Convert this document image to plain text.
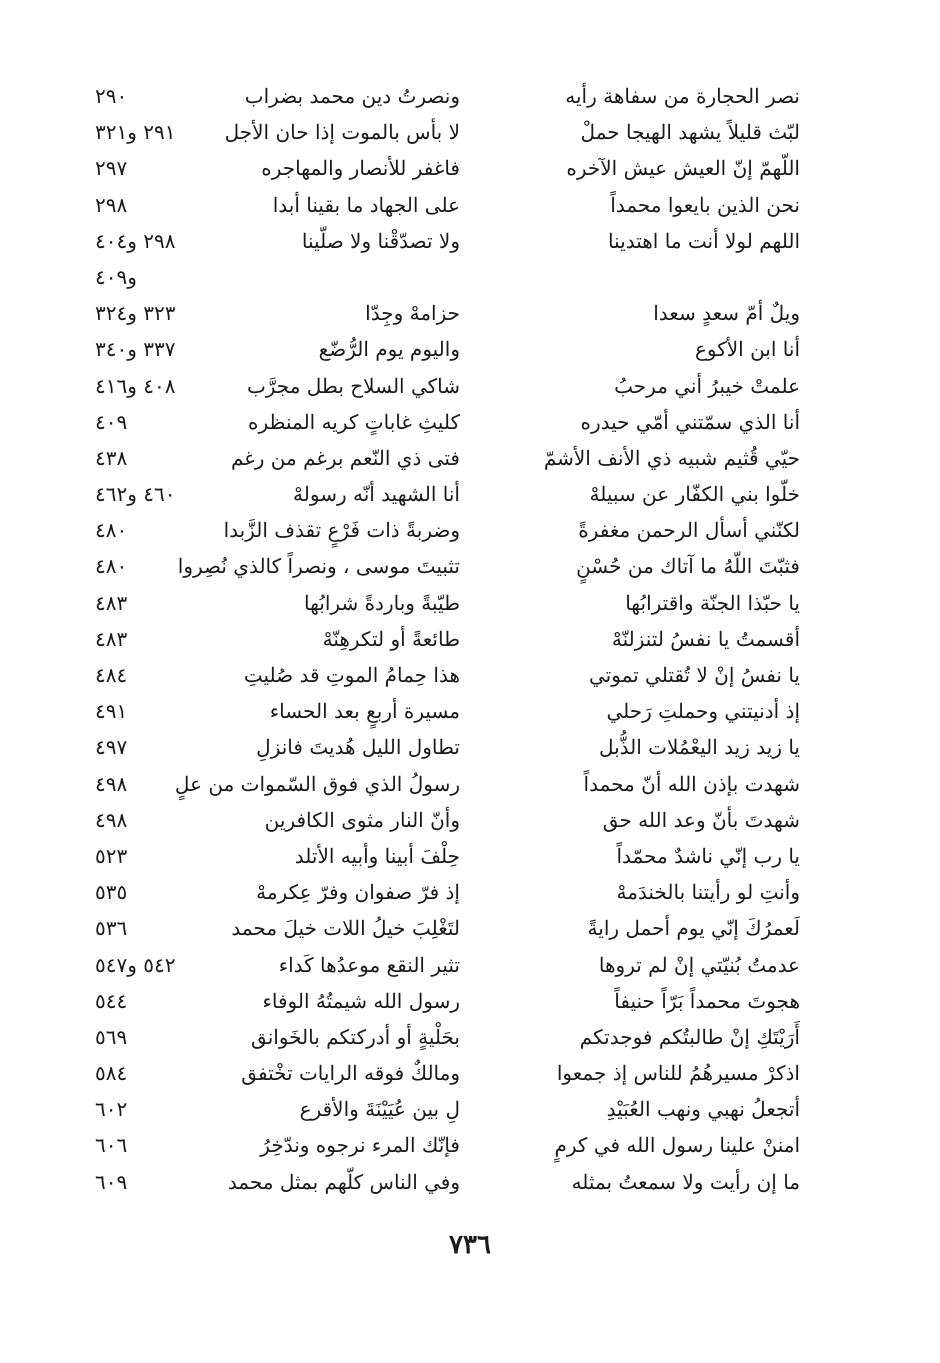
نصر الحجارة من سفاهة رأيه
لبّث قليلاً يشهد الهيجا حملْ
اللّهمّ إنّ العيش عيش الآخره
نحن الذين بايعوا محمداً
اللهم لولا أنت ما اهتدينا
ويلٌ أمّ سعدٍ سعدا
أنا ابن الأكوع
علمتْ خيبرُ أني مرحبُ
أنا الذي سمّتني أمّي حيدره
حيّي قُثيم شبيه ذي الأنف الأشمّ
خلّوا بني الكفّار عن سبيلهْ
لكنّني أسأل الرحمن مغفرةً
فثبّتَ اللّهُ ما آتاك من حُسْنٍ
يا حبّذا الجنّة واقترابُها
أقسمتُ يا نفسُ لتنزلنّهْ
يا نفسُ إنْ لا تُقتلي تموتي
إذ أدنيتني وحملتِ رَحلي
يا زيد زيد اليعْمُلات الذُّبل
شهدت بإذن الله أنّ محمداً
شهدتَ بأنّ وعد الله حق
يا رب إنّي ناشدٌ محمّداً
وأنتِ لو رأيتنا بالخندَمهْ
لَعمرُكَ إنّي يوم أحمل رايةً
عدمتُ بُنيّتي إنْ لم تروها
هجوتَ محمداً بَرّاً حنيفاً
أَرَيْتَكِ إنْ طالبتُكم فوجدتكم
اذكرْ مسيرهُمُ للناس إذ جمعوا
أتجعلُ نهبي ونهب العُبَيْدِ
امننْ علينا رسول الله في كرمٍ
ما إن رأيت ولا سمعتُ بمثله
ونصرتُ دين محمد بضراب
٢٩٠
لا بأس بالموت إذا حان الأجل
٢٩١ و٣٢١
فاغفر للأنصار والمهاجره
٢٩٧
على الجهاد ما بقينا أبدا
٢٩٨
ولا تصدّقْنا ولا صلّينا
٢٩٨ و٤٠٤
و٤٠٩
حزامهْ وجِدّا
٣٢٣ و٣٢٤
واليوم يوم الرُّضّع
٣٣٧ و٣٤٠
شاكي السلاح بطل مجرَّب
٤٠٨ و٤١٦
كليثِ غاباتٍ كريه المنظره
٤٠٩
فتى ذي النّعم برغم من رغم
٤٣٨
أنا الشهيد أنّه رسولهْ
٤٦٠ و٤٦٢
وضربةً ذات فَرْعٍ تقذف الزَّبدا
٤٨٠
تثبيتَ موسى ، ونصراً كالذي نُصِروا
٤٨٠
طيّبةً وباردةً شرابُها
٤٨٣
طائعةً أو لتكرهِنّهْ
٤٨٣
هذا حِمامُ الموتِ قد صُليتِ
٤٨٤
مسيرة أربعٍ بعد الحساء
٤٩١
تطاول الليل هُديتَ فانزلِ
٤٩٧
رسولُ الذي فوق السّموات من علٍ
٤٩٨
وأنّ النار مثوى الكافرين
٤٩٨
حِلْفَ أبينا وأبيه الأتلد
٥٢٣
إذ فرّ صفوان وفرّ عِكرمهْ
٥٣٥
لتَغْلِبَ خيلُ اللات خيلَ محمد
٥٣٦
تثير النقع موعدُها كَداء
٥٤٢ و٥٤٧
رسول الله شيمتُهُ الوفاء
٥٤٤
بحَلْيةٍ أو أدركتكم بالخَوانق
٥٦٩
ومالكٌ فوقه الرايات تخْتفق
٥٨٤
لِ بين عُيَيْنَةَ والأقرع
٦٠٢
فإنّك المرء نرجوه وندّخِرُ
٦٠٦
وفي الناس كلّهم بمثل محمد
٦٠٩
٧٣٦
